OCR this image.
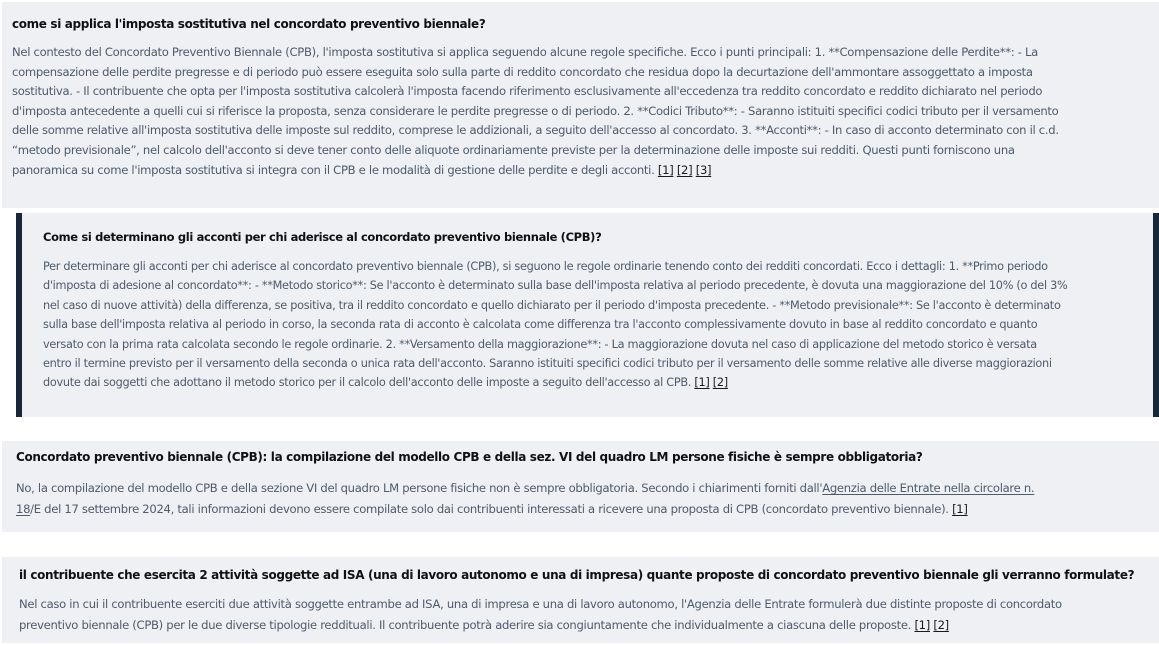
come si applica l'imposta sostitutiva nel concordato preventivo biennale?

Nel contesto del Concordato Preventivo Biennale (CPB), l'imposta sostitutiva si applica seguendo alcune regole specifiche. Ecco i punti principali: 1. **Compensazione delle Perdite**: - La
compensazione delle perdite pregresse e di periodo può essere eseguita solo sulla parte di reddito concordato che residua dopo la decurtazione dell'ammontare assoggettato a imposta
sostitutiva. - Il contribuente che opta per l'imposta sostitutiva calcolerà l'imposta facendo riferimento esclusivamente all'eccedenza tra reddito concordato e reddito dichiarato nel periodo
d'imposta antecedente a quelli cui si riferisce la proposta, senza considerare le perdite pregresse o di periodo. 2. **Codici Tributo**: - Saranno istituiti specifici codici tributo per il versamento
delle somme relative all'imposta sostitutiva delle imposte sul reddito, comprese le addizionali, a seguito dell'accesso al concordato. 3. **Acconti**: - In caso di acconto determinato con il c.d.
“metodo previsionale”, nel calcolo dell'acconto si deve tener conto delle aliquote ordinariamente previste per la determinazione delle imposte sui redditi. Questi punti forniscono una
panoramica su come l'imposta sostitutiva si integra con il CPB e le modalità di gestione delle perdite e degli acconti. [1] [2] [3]

Come si determinano gli acconti per chi aderisce al concordato preventivo biennale (CPB)?

Per determinare gli acconti per chi aderisce al concordato preventivo biennale (CPB), si seguono le regole ordinarie tenendo conto dei redditi concordati. Ecco i dettagli: 1. **Primo periodo
d'imposta di adesione al concordato**: - **Metodo storico**: Se l'acconto è determinato sulla base dell'imposta relativa al periodo precedente, è dovuta una maggiorazione del 10% (o del 3%
nel caso di nuove attività) della differenza, se positiva, tra il reddito concordato e quello dichiarato per il periodo d'imposta precedente. - **Metodo previsionale**: Se l'acconto è determinato
sulla base dell'imposta relativa al periodo in corso, la seconda rata di acconto è calcolata come differenza tra l'acconto complessivamente dovuto in base al reddito concordato e quanto
versato con la prima rata calcolata secondo le regole ordinarie. 2. **Versamento della maggiorazione**: - La maggiorazione dovuta nel caso di applicazione del metodo storico è versata
entro il termine previsto per il versamento della seconda o unica rata dell'acconto. Saranno istituiti specifici codici tributo per il versamento delle somme relative alle diverse maggiorazioni
dovute dai soggetti che adottano il metodo storico per il calcolo dell'acconto delle imposte a seguito dell'accesso al CPB. [1] [2]

Concordato preventivo biennale (CPB): la compilazione del modello CPB e della sez. VI del quadro LM persone fisiche è sempre obbligatoria?

No, la compilazione del modello CPB e della sezione VI del quadro LM persone fisiche non è sempre obbligatoria. Secondo i chiarimenti forniti dall'Agenzia delle Entrate nella circolare n.
18/E del 17 settembre 2024, tali informazioni devono essere compilate solo dai contribuenti interessati a ricevere una proposta di CPB (concordato preventivo biennale). [1]

il contribuente che esercita 2 attività soggette ad ISA (una di lavoro autonomo e una di impresa) quante proposte di concordato preventivo biennale gli verranno formulate?

Nel caso in cui il contribuente eserciti due attività soggette entrambe ad ISA, una di impresa e una di lavoro autonomo, l'Agenzia delle Entrate formulerà due distinte proposte di concordato
preventivo biennale (CPB) per le due diverse tipologie reddituali. Il contribuente potrà aderire sia congiuntamente che individualmente a ciascuna delle proposte. [1] [2]
